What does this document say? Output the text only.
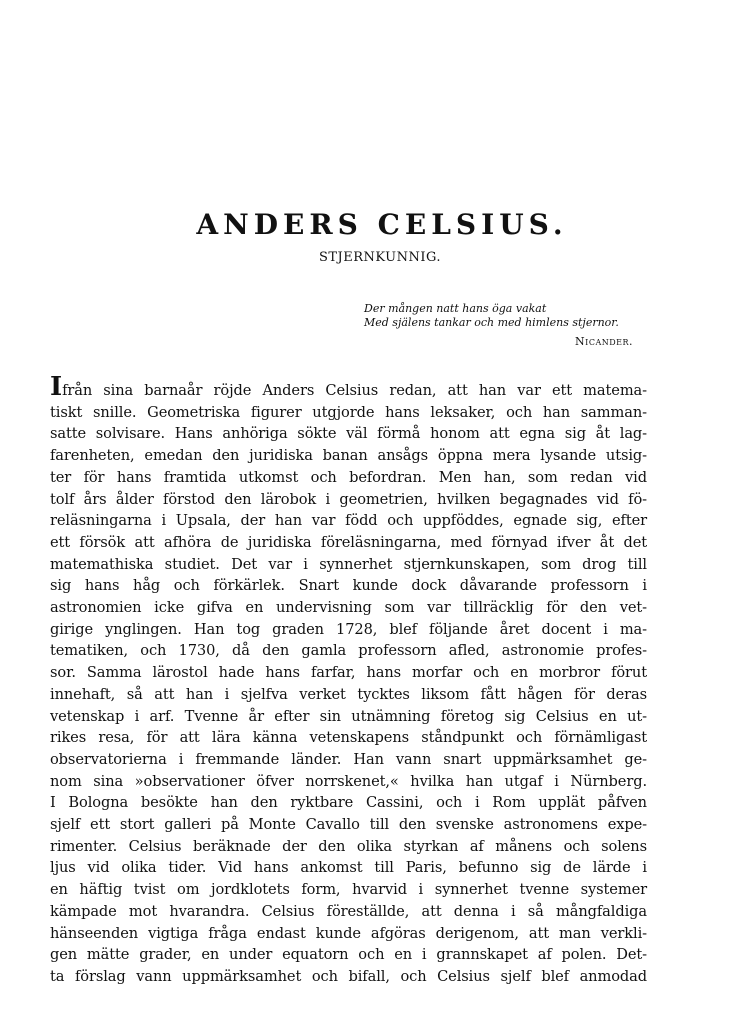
ANDERS CELSIUS.
STJERNKUNNIG.
Der mången natt hans öga vakat
Med själens tankar och med himlens stjernor.
Nicander.
Ifrån sina barnaår röjde Anders Celsius redan, att han var ett matema-
tiskt snille. Geometriska figurer utgjorde hans leksaker, och han samman-
satte solvisare. Hans anhöriga sökte väl förmå honom att egna sig åt lag-
farenheten, emedan den juridiska banan ansågs öppna mera lysande utsig-
ter för hans framtida utkomst och befordran. Men han, som redan vid
tolf års ålder förstod den lärobok i geometrien, hvilken begagnades vid fö-
reläsningarna i Upsala, der han var född och uppföddes, egnade sig, efter
ett försök att afhöra de juridiska föreläsningarna, med förnyad ifver åt det
matemathiska studiet. Det var i synnerhet stjernkunskapen, som drog till
sig hans håg och förkärlek. Snart kunde dock dåvarande professorn i
astronomien icke gifva en undervisning som var tillräcklig för den vet-
girige ynglingen. Han tog graden 1728, blef följande året docent i ma-
tematiken, och 1730, då den gamla professorn afled, astronomie profes-
sor. Samma lärostol hade hans farfar, hans morfar och en morbror förut
innehaft, så att han i sjelfva verket tycktes liksom fått hågen för deras
vetenskap i arf. Tvenne år efter sin utnämning företog sig Celsius en ut-
rikes resa, för att lära känna vetenskapens ståndpunkt och förnämligast
observatorierna i fremmande länder. Han vann snart uppmärksamhet ge-
nom sina »observationer öfver norrskenet,« hvilka han utgaf i Nürnberg.
I Bologna besökte han den ryktbare Cassini, och i Rom upplät påfven
sjelf ett stort galleri på Monte Cavallo till den svenske astronomens expe-
rimenter. Celsius beräknade der den olika styrkan af månens och solens
ljus vid olika tider. Vid hans ankomst till Paris, befunno sig de lärde i
en häftig tvist om jordklotets form, hvarvid i synnerhet tvenne systemer
kämpade mot hvarandra. Celsius föreställde, att denna i så mångfaldiga
hänseenden vigtiga fråga endast kunde afgöras derigenom, att man verkli-
gen mätte grader, en under equatorn och en i grannskapet af polen. Det-
ta förslag vann uppmärksamhet och bifall, och Celsius sjelf blef anmodad
